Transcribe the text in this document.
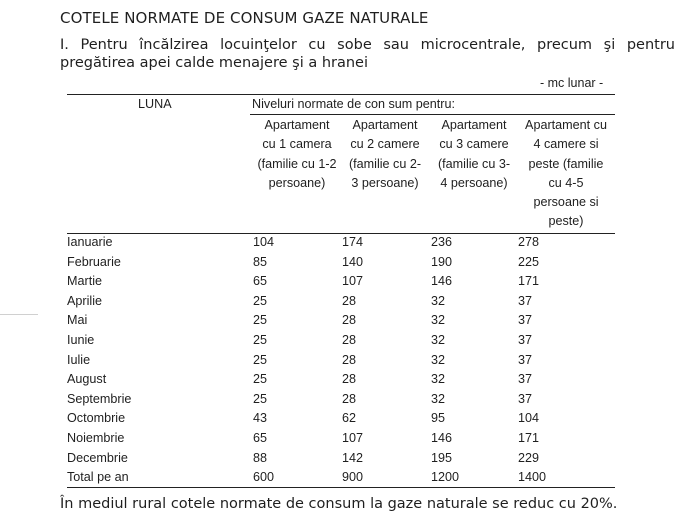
COTELE NORMATE DE CONSUM GAZE NATURALE
I. Pentru încălzirea locuinţelor cu sobe sau microcentrale, precum şi pentru pregătirea apei calde menajere şi a hranei
- mc lunar -
LUNA	Niveluri normate de con sum pentru:
Apartament
cu 1 camera
(familie cu 1-2
persoane)
Apartament
cu 2 camere
(familie cu 2-
3 persoane)
Apartament
cu 3 camere
(familie cu 3-
4 persoane)
Apartament cu
4 camere si
peste (familie
cu 4-5
persoane si
peste)
Ianuarie	104	174	236	278
Februarie	85	140	190	225
Martie	65	107	146	171
Aprilie	25	28	32	37
Mai	25	28	32	37
Iunie	25	28	32	37
Iulie	25	28	32	37
August	25	28	32	37
Septembrie	25	28	32	37
Octombrie	43	62	95	104
Noiembrie	65	107	146	171
Decembrie	88	142	195	229
Total pe an	600	900	1200	1400
În mediul rural cotele normate de consum la gaze naturale se reduc cu 20%.
